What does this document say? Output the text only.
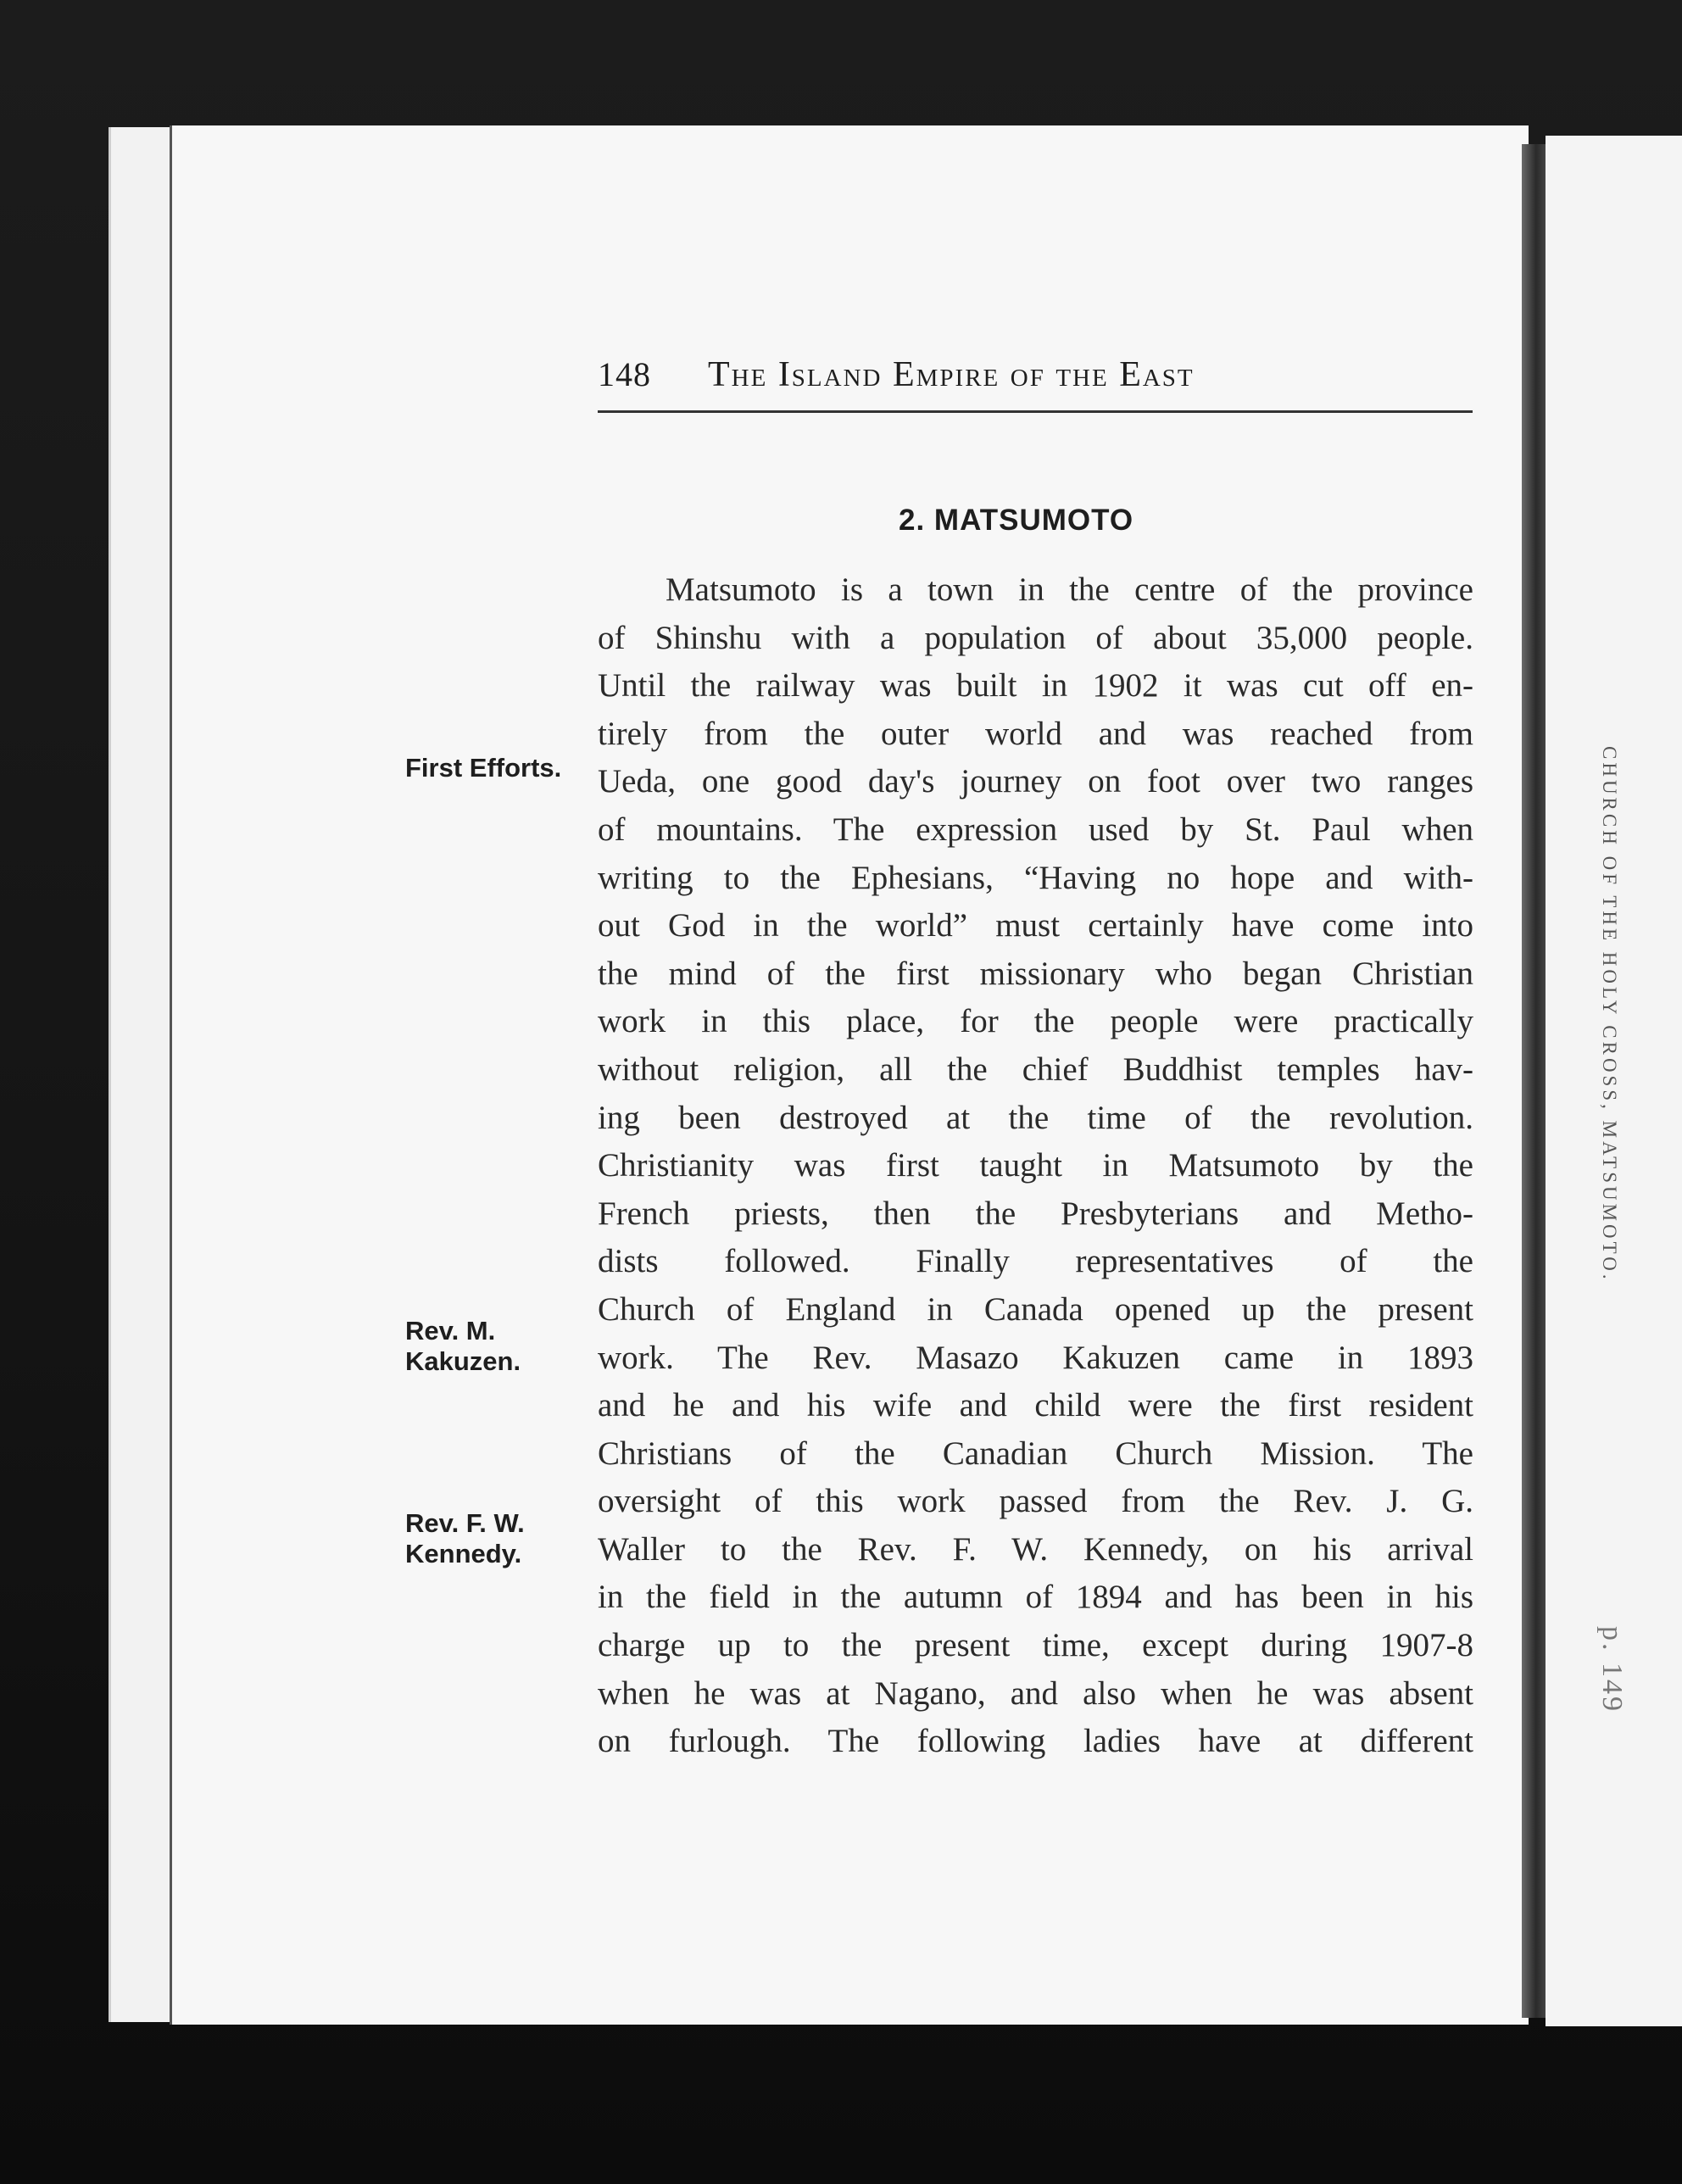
CHURCH OF THE HOLY CROSS, MATSUMOTO.
p. 149
148 The Island Empire of the East
2. MATSUMOTO
First Efforts.
Rev. M.
Kakuzen.
Rev. F. W.
Kennedy.
Matsumoto is a town in the centre of the province
of Shinshu with a population of about 35,000 people.
Until the railway was built in 1902 it was cut off en-
tirely from the outer world and was reached from
Ueda, one good day's journey on foot over two ranges
of mountains. The expression used by St. Paul when
writing to the Ephesians, “Having no hope and with-
out God in the world” must certainly have come into
the mind of the first missionary who began Christian
work in this place, for the people were practically
without religion, all the chief Buddhist temples hav-
ing been destroyed at the time of the revolution.
Christianity was first taught in Matsumoto by the
French priests, then the Presbyterians and Metho-
dists followed. Finally representatives of the
Church of England in Canada opened up the present
work. The Rev. Masazo Kakuzen came in 1893
and he and his wife and child were the first resident
Christians of the Canadian Church Mission. The
oversight of this work passed from the Rev. J. G.
Waller to the Rev. F. W. Kennedy, on his arrival
in the field in the autumn of 1894 and has been in his
charge up to the present time, except during 1907-8
when he was at Nagano, and also when he was absent
on furlough. The following ladies have at different
